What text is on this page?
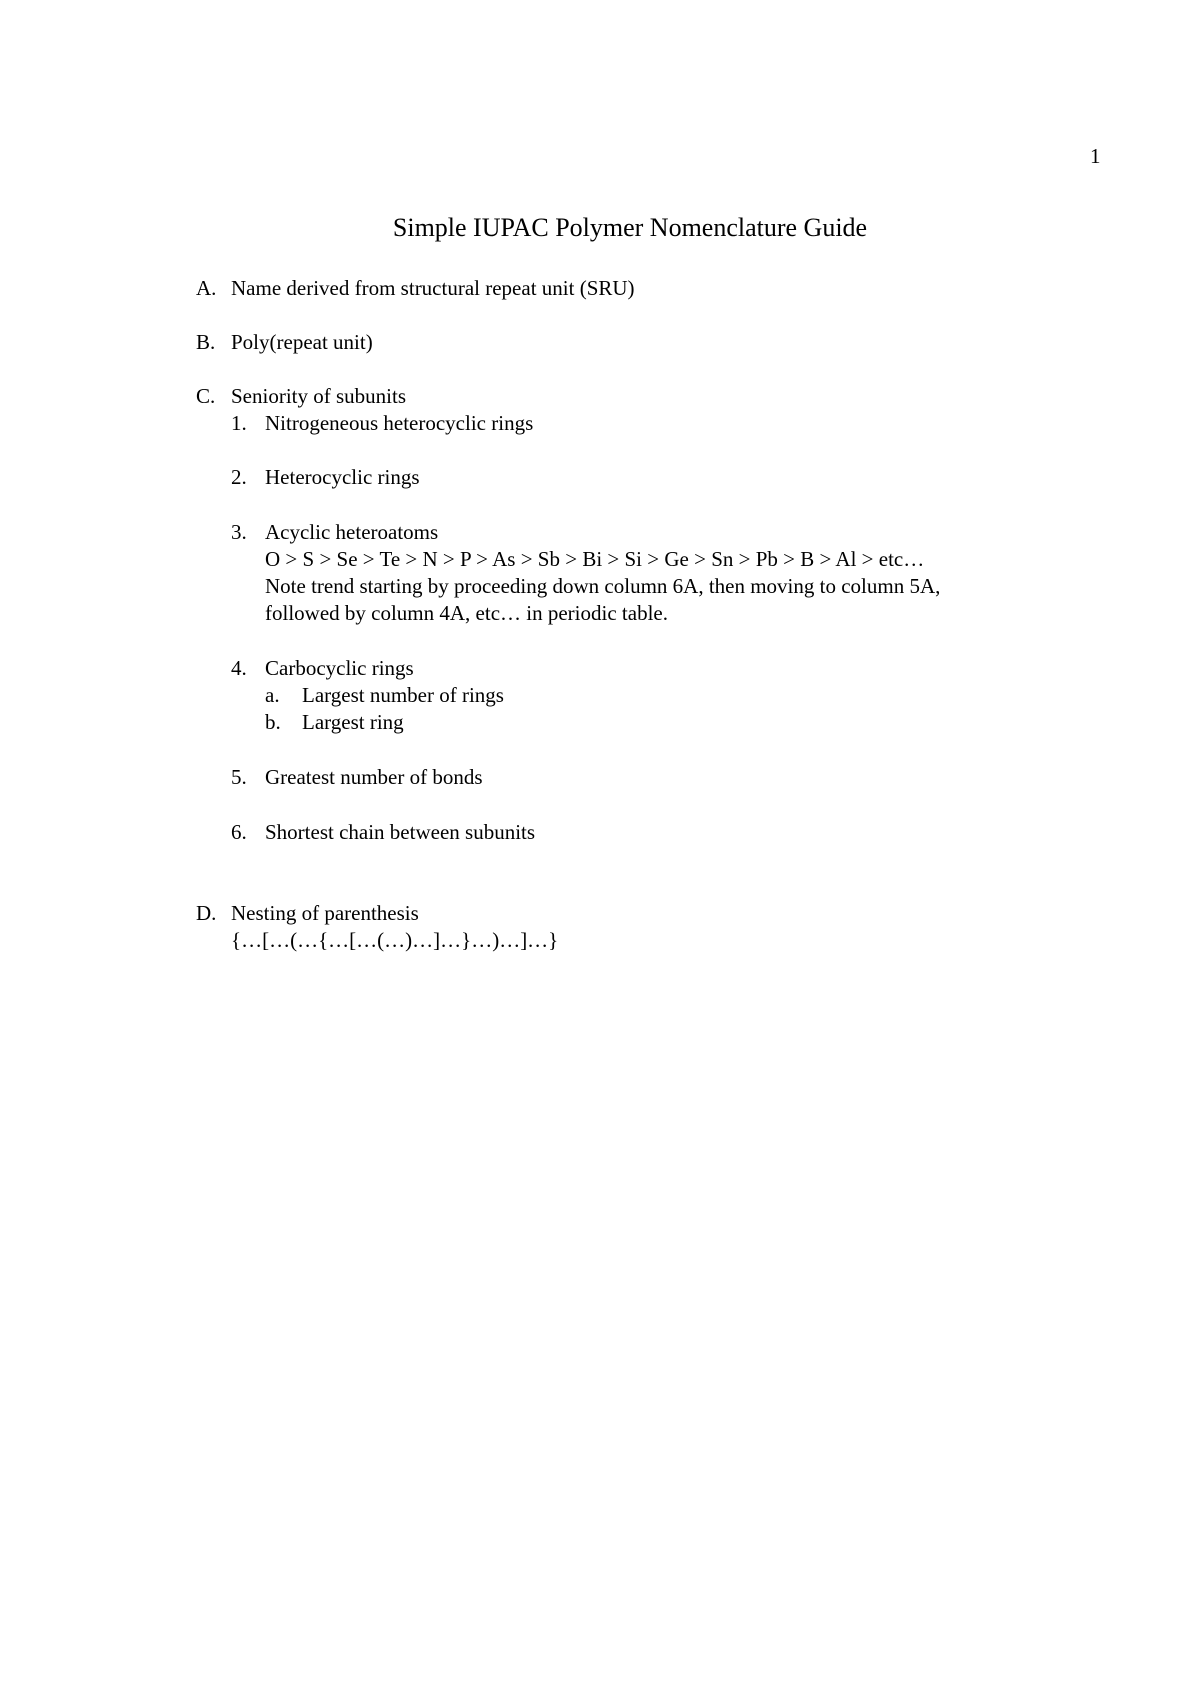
1
Simple IUPAC Polymer Nomenclature Guide
A. Name derived from structural repeat unit (SRU)
B. Poly(repeat unit)
C. Seniority of subunits
1. Nitrogeneous heterocyclic rings
2. Heterocyclic rings
3. Acyclic heteroatoms
O > S > Se > Te > N > P > As > Sb > Bi > Si > Ge > Sn > Pb > B > Al > etc…
Note trend starting by proceeding down column 6A, then moving to column 5A,
followed by column 4A, etc… in periodic table.
4. Carbocyclic rings
a. Largest number of rings
b. Largest ring
5. Greatest number of bonds
6. Shortest chain between subunits
D. Nesting of parenthesis
{…[…(…{…[…(…)…]…}…)…]…}
